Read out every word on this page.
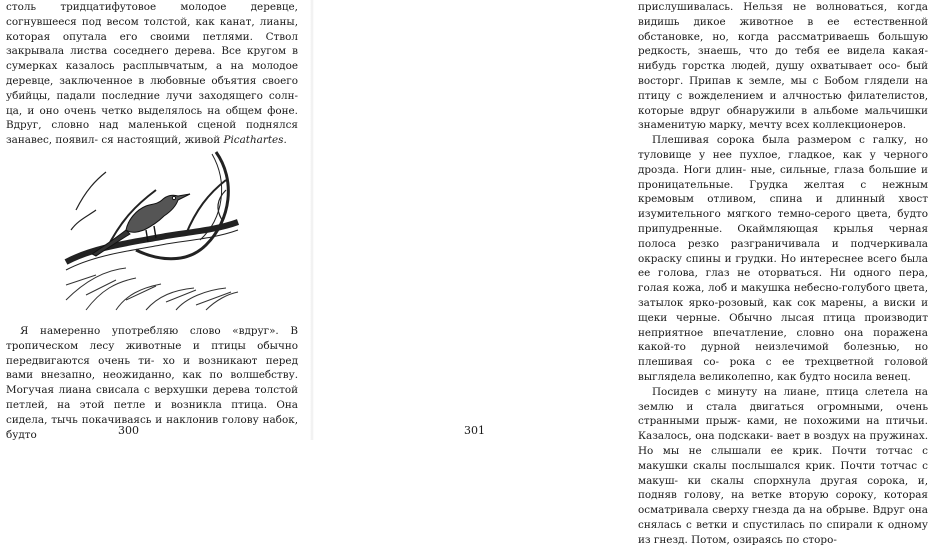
столь тридцатифутовое молодое деревце, согнувшееся под весом толстой, как канат, лианы, которая опутала его своими петлями. Ствол закрывала листва соседнего дерева. Все кругом в сумерках казалось расплывчатым, а на молодое деревце, заключенное в любовные объятия своего убийцы, падали последние лучи заходящего солн- ца, и оно очень четко выделялось на общем фоне. Вдруг, словно над маленькой сценой поднялся занавес, появил- ся настоящий, живой Picathartes.

Я намеренно употребляю слово «вдруг». В тропическом лесу животные и птицы обычно передвигаются очень ти- хо и возникают перед вами внезапно, неожиданно, как по волшебству. Могучая лиана свисала с верхушки дерева толстой петлей, на этой петле и возникла птица. Она сидела, тычь покачиваясь и наклонив голову набок, будто	300

прислушивалась. Нельзя не волноваться, когда видишь дикое животное в ее естественной обстановке, но, когда рассматриваешь большую редкость, знаешь, что до тебя ее видела какая-нибудь горстка людей, душу охватывает осо- бый восторг. Припав к земле, мы с Бобом глядели на птицу с вожделением и алчностью филателистов, которые вдруг обнаружили в альбоме мальчишки знаменитую марку, мечту всех коллекционеров.

Плешивая сорока была размером с галку, но туловище у нее пухлое, гладкое, как у черного дрозда. Ноги длин- ные, сильные, глаза большие и проницательные. Грудка желтая с нежным кремовым отливом, спина и длинный хвост изумительного мягкого темно-серого цвета, будто припудренные. Окаймляющая крылья черная полоса резко разграничивала и подчеркивала окраску спины и грудки. Но интереснее всего была ее голова, глаз не оторваться. Ни одного пера, голая кожа, лоб и макушка небесно-голубого цвета, затылок ярко-розовый, как сок марены, а виски и щеки черные. Обычно лысая птица производит неприятное впечатление, словно она поражена какой-то дурной неизлечимой болезнью, но плешивая со- рока с ее трехцветной головой выглядела великолепно, как будто носила венец.

Посидев с минуту на лиане, птица слетела на землю и стала двигаться огромными, очень странными прыж- ками, не похожими на птичьи. Казалось, она подскаки- вает в воздух на пружинах. Но мы не слышали ее крик. Почти тотчас с макушки скалы послышался крик. Почти тотчас с макуш- ки скалы спорхнула другая сорока, и, подняв голову, на ветке вторую сороку, которая осматривала сверху гнезда да на обрыве. Вдруг она снялась с ветки и спустилась по спирали к одному из гнезд. Потом, озираясь по сторо-

301
